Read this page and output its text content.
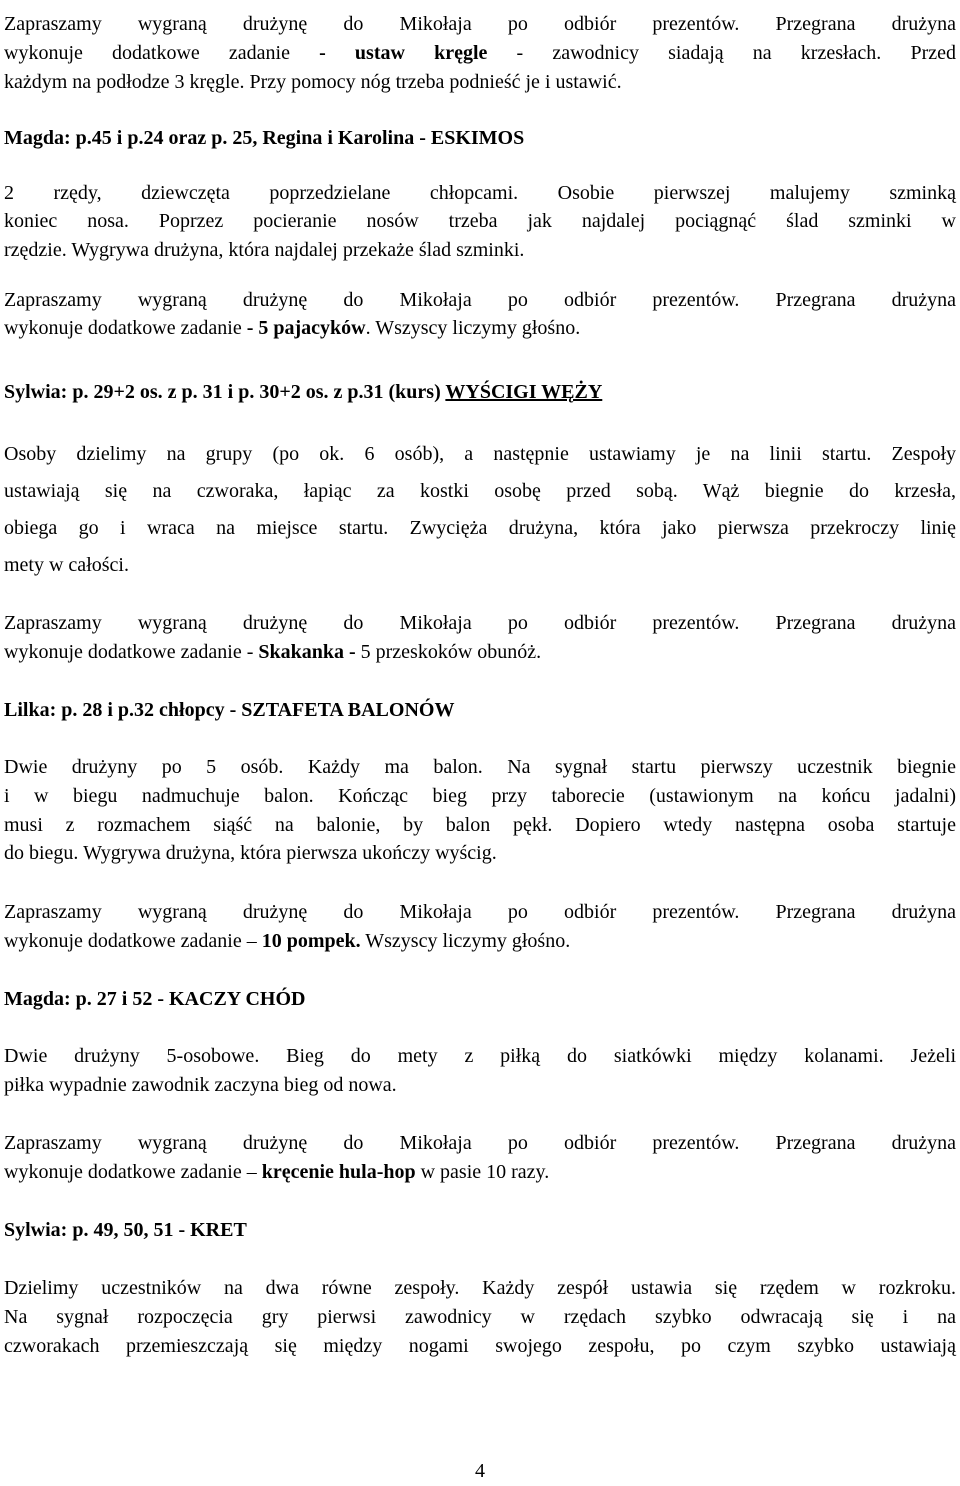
Zapraszamy wygraną drużynę do Mikołaja po odbiór prezentów. Przegrana drużyna
wykonuje dodatkowe zadanie - ustaw kręgle - zawodnicy siadają na krzesłach. Przed
każdym na podłodze 3 kręgle. Przy pomocy nóg trzeba podnieść je i ustawić.
Magda: p.45 i p.24 oraz p. 25, Regina i Karolina - ESKIMOS
2 rzędy, dziewczęta poprzedzielane chłopcami. Osobie pierwszej malujemy szminką
koniec nosa. Poprzez pocieranie nosów trzeba jak najdalej pociągnąć ślad szminki w
rzędzie. Wygrywa drużyna, która najdalej przekaże ślad szminki.
Zapraszamy wygraną drużynę do Mikołaja po odbiór prezentów. Przegrana drużyna
wykonuje dodatkowe zadanie - 5 pajacyków. Wszyscy liczymy głośno.
Sylwia: p. 29+2 os. z p. 31 i p. 30+2 os. z p.31 (kurs) WYŚCIGI WĘŻY
Osoby dzielimy na grupy (po ok. 6 osób), a następnie ustawiamy je na linii startu. Zespoły
ustawiają się na czworaka, łapiąc za kostki osobę przed sobą. Wąż biegnie do krzesła,
obiega go i wraca na miejsce startu. Zwycięża drużyna, która jako pierwsza przekroczy linię
mety w całości.
Zapraszamy wygraną drużynę do Mikołaja po odbiór prezentów. Przegrana drużyna
wykonuje dodatkowe zadanie - Skakanka - 5 przeskoków obunóż.
Lilka: p. 28 i p.32 chłopcy - SZTAFETA BALONÓW
Dwie drużyny po 5 osób. Każdy ma balon. Na sygnał startu pierwszy uczestnik biegnie
i w biegu nadmuchuje balon. Kończąc bieg przy taborecie (ustawionym na końcu jadalni)
musi z rozmachem siąść na balonie, by balon pękł. Dopiero wtedy następna osoba startuje
do biegu. Wygrywa drużyna, która pierwsza ukończy wyścig.
Zapraszamy wygraną drużynę do Mikołaja po odbiór prezentów. Przegrana drużyna
wykonuje dodatkowe zadanie – 10 pompek. Wszyscy liczymy głośno.
Magda: p. 27 i 52 - KACZY CHÓD
Dwie drużyny 5-osobowe. Bieg do mety z piłką do siatkówki między kolanami. Jeżeli
piłka wypadnie zawodnik zaczyna bieg od nowa.
Zapraszamy wygraną drużynę do Mikołaja po odbiór prezentów. Przegrana drużyna
wykonuje dodatkowe zadanie – kręcenie hula-hop w pasie 10 razy.
Sylwia: p. 49, 50, 51 - KRET
Dzielimy uczestników na dwa równe zespoły. Każdy zespół ustawia się rzędem w rozkroku.
Na sygnał rozpoczęcia gry pierwsi zawodnicy w rzędach szybko odwracają się i na
czworakach przemieszczają się między nogami swojego zespołu, po czym szybko ustawiają
4
